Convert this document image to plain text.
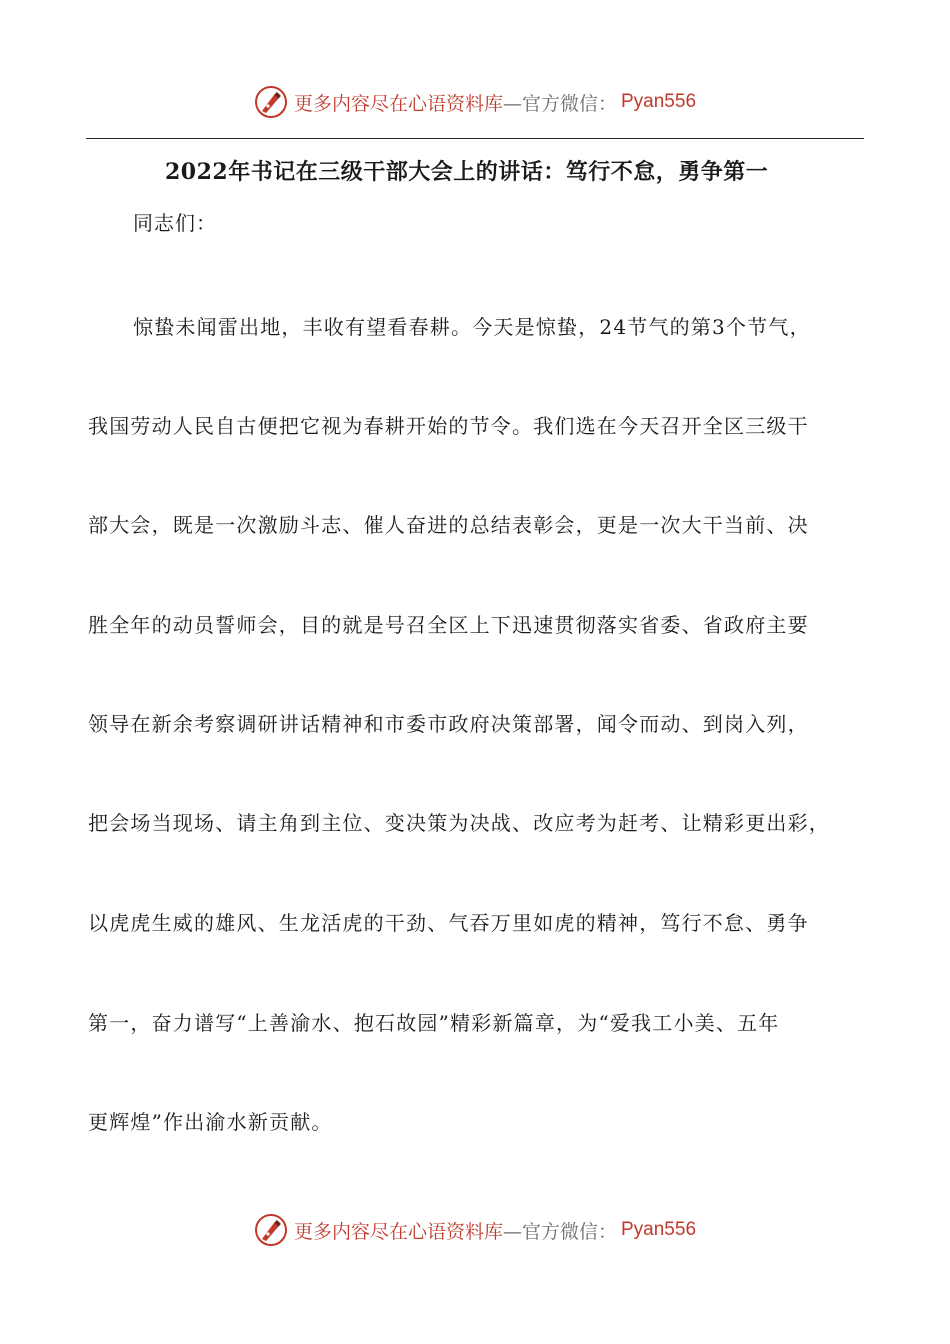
更多内容尽在心语资料库 —官方微信： Pyan556
2022年书记在三级干部大会上的讲话：笃行不怠，勇争第一
同志们：
惊蛰未闻雷出地，丰收有望看春耕。今天是惊蛰，24节气的第3个节气，
我国劳动人民自古便把它视为春耕开始的节令。我们选在今天召开全区三级干
部大会，既是一次激励斗志、催人奋进的总结表彰会，更是一次大干当前、决
胜全年的动员誓师会，目的就是号召全区上下迅速贯彻落实省委、省政府主要
领导在新余考察调研讲话精神和市委市政府决策部署，闻令而动、到岗入列，
把会场当现场、请主角到主位、变决策为决战、改应考为赶考、让精彩更出彩，
以虎虎生威的雄风、生龙活虎的干劲、气吞万里如虎的精神，笃行不怠、勇争
第一，奋力谱写“上善渝水、抱石故园”精彩新篇章，为“爱我工小美、五年
更辉煌”作出渝水新贡献。
更多内容尽在心语资料库 —官方微信： Pyan556
